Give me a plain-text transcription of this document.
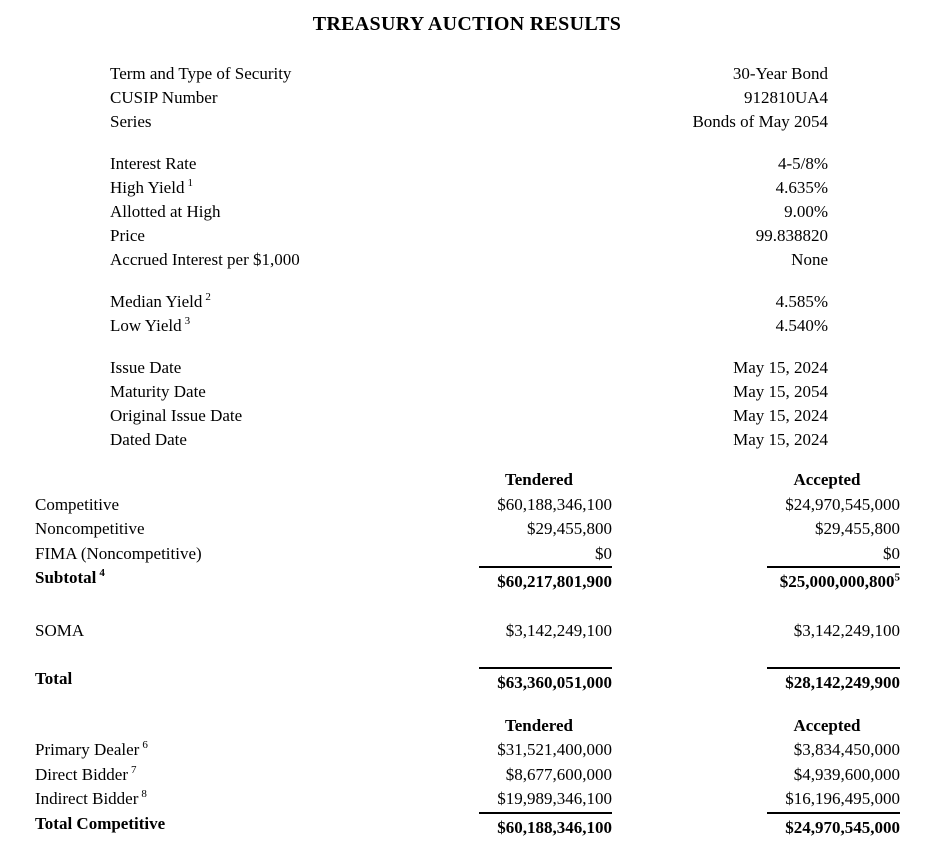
TREASURY AUCTION RESULTS
Term and Type of Security	30-Year Bond
CUSIP Number	912810UA4
Series	Bonds of May 2054
Interest Rate	4-5/8%
High Yield $^1$	4.635%
Allotted at High	9.00%
Price	99.838820
Accrued Interest per $1,000	None
Median Yield $^2$	4.585%
Low Yield $^3$	4.540%
Issue Date	May 15, 2024
Maturity Date	May 15, 2054
Original Issue Date	May 15, 2024
Dated Date	May 15, 2024
Tendered	Accepted
Competitive	$60,188,346,100	$24,970,545,000
Noncompetitive	$29,455,800	$29,455,800
FIMA (Noncompetitive)	$0	$0
Subtotal $^4$	$60,217,801,900	$25,000,000,800$^5$
SOMA	$3,142,249,100	$3,142,249,100
Total	$63,360,051,000	$28,142,249,900
Tendered	Accepted
Primary Dealer $^6$	$31,521,400,000	$3,834,450,000
Direct Bidder $^7$	$8,677,600,000	$4,939,600,000
Indirect Bidder $^8$	$19,989,346,100	$16,196,495,000
Total Competitive	$60,188,346,100	$24,970,545,000
